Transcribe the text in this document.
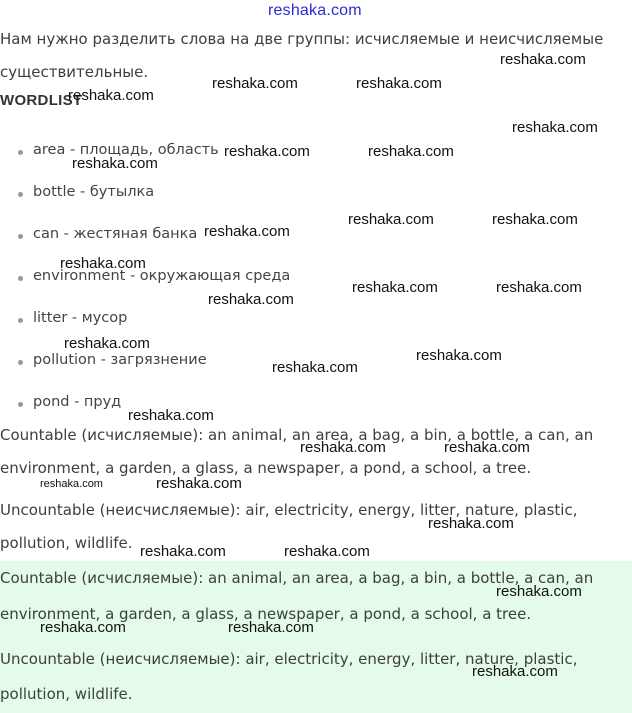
reshaka.com
Нам нужно разделить слова на две группы: исчисляемые и неисчисляемые
существительные.
WORDLIST
area - площадь, область
bottle - бутылка
can - жестяная банка
environment - окружающая среда
litter - мусор
pollution - загрязнение
pond - пруд
Countable (исчисляемые): an animal, an area, a bag, a bin, a bottle, a can, an
environment, a garden, a glass, a newspaper, a pond, a school, a tree.
Uncountable (неисчисляемые): air, electricity, energy, litter, nature, plastic,
pollution, wildlife.
Countable (исчисляемые): an animal, an area, a bag, a bin, a bottle, a can, an
environment, a garden, a glass, a newspaper, a pond, a school, a tree.
Uncountable (неисчисляемые): air, electricity, energy, litter, nature, plastic,
pollution, wildlife.
reshaka.com
reshaka.com	reshaka.com
reshaka.com
reshaka.com
reshaka.com	reshaka.com
reshaka.com
reshaka.com	reshaka.com
reshaka.com
reshaka.com
reshaka.com	reshaka.com
reshaka.com
reshaka.com
reshaka.com
reshaka.com
reshaka.com
reshaka.com	reshaka.com
reshaka.com	reshaka.com
reshaka.com
reshaka.com	reshaka.com
reshaka.com
reshaka.com	reshaka.com
reshaka.com
